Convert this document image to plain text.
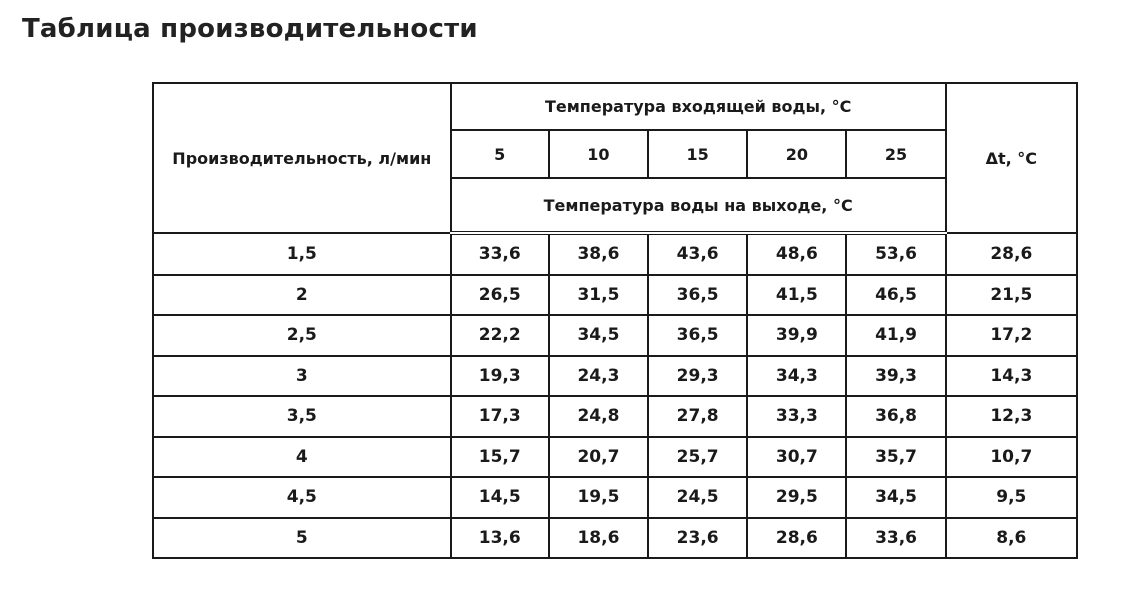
Таблица производительности
Производительность, л/мин	Температура входящей воды, °C					Δt, °C
	5	10	15	20	25	
	Температура воды на выходе, °C					
1,5	33,6	38,6	43,6	48,6	53,6	28,6
2	26,5	31,5	36,5	41,5	46,5	21,5
2,5	22,2	34,5	36,5	39,9	41,9	17,2
3	19,3	24,3	29,3	34,3	39,3	14,3
3,5	17,3	24,8	27,8	33,3	36,8	12,3
4	15,7	20,7	25,7	30,7	35,7	10,7
4,5	14,5	19,5	24,5	29,5	34,5	9,5
5	13,6	18,6	23,6	28,6	33,6	8,6
